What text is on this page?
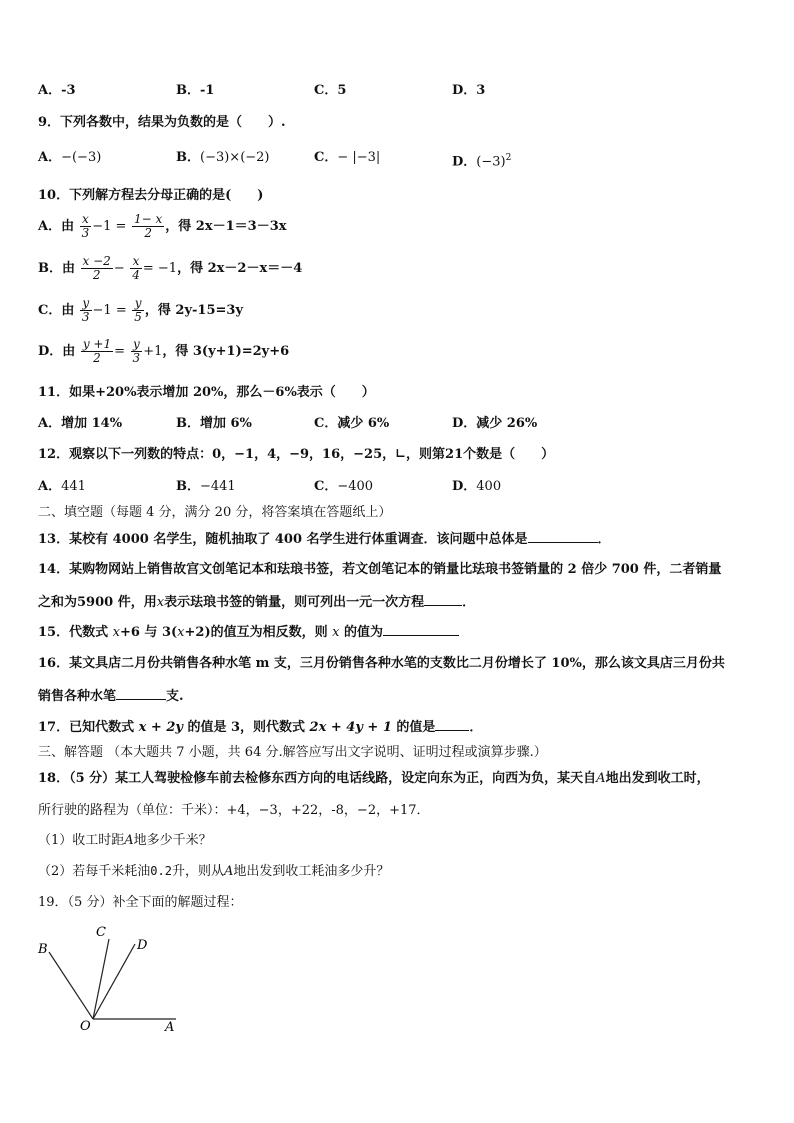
A．-3	B．-1	C．5	D．3
9．下列各数中，结果为负数的是（　　）.
A．−(−3)	B．(−3)×(−2)	C．− |−3|	D．$(-3)^2$
10．下列解方程去分母正确的是(　　)
A．由 $\frac{x}{3} -1 = \frac{1- x}{2}$ ，得 2x－1＝3－3x
B．由 $\frac{x -2}{2} - \frac{x}{4} = -1$，得 2x－2－x＝－4
C．由 $\frac{y}{3} -1 = \frac{y}{5}$ ，得 2y-15=3y
D．由 $\frac{y +1}{2} = \frac{y}{3} +1$，得 3(y+1)=2y+6
11．如果+20%表示增加 20%，那么－6%表示（　　）
A．增加 14%	B．增加 6%	C．减少 6%	D．减少 26%
12．观察以下一列数的特点：0，−1，4，−9，16，−25，∟，则第21个数是（　　）
A．441	B．−441	C．−400	D．400
二、填空题（每题 4 分，满分 20 分，将答案填在答题纸上）
13．某校有 4000 名学生，随机抽取了 400 名学生进行体重调查．该问题中总体是	．
14．某购物网站上销售故宫文创笔记本和珐琅书签，若文创笔记本的销量比珐琅书签销量的 2 倍少 700 件，二者销量
之和为5900 件，用x表示珐琅书签的销量，则可列出一元一次方程	．
15．代数式 x+6 与 3(x+2)的值互为相反数，则 x 的值为
16．某文具店二月份共销售各种水笔 m 支，三月份销售各种水笔的支数比二月份增长了 10%，那么该文具店三月份共
销售各种水笔	支.
17．已知代数式 x + 2y 的值是 3，则代数式 2x + 4y + 1 的值是	．
三、解答题 （本大题共 7 小题，共 64 分.解答应写出文字说明、证明过程或演算步骤.）
18．（5 分）某工人驾驶检修车前去检修东西方向的电话线路，设定向东为正，向西为负，某天自A地出发到收工时，
所行驶的路程为（单位：千米）：+4，−3，+22，-8，−2，+17．
（1）收工时距A地多少千米？
（2）若每千米耗油0.2升，则从A地出发到收工耗油多少升？
19．（5 分）补全下面的解题过程：
B
C
D
O	A
